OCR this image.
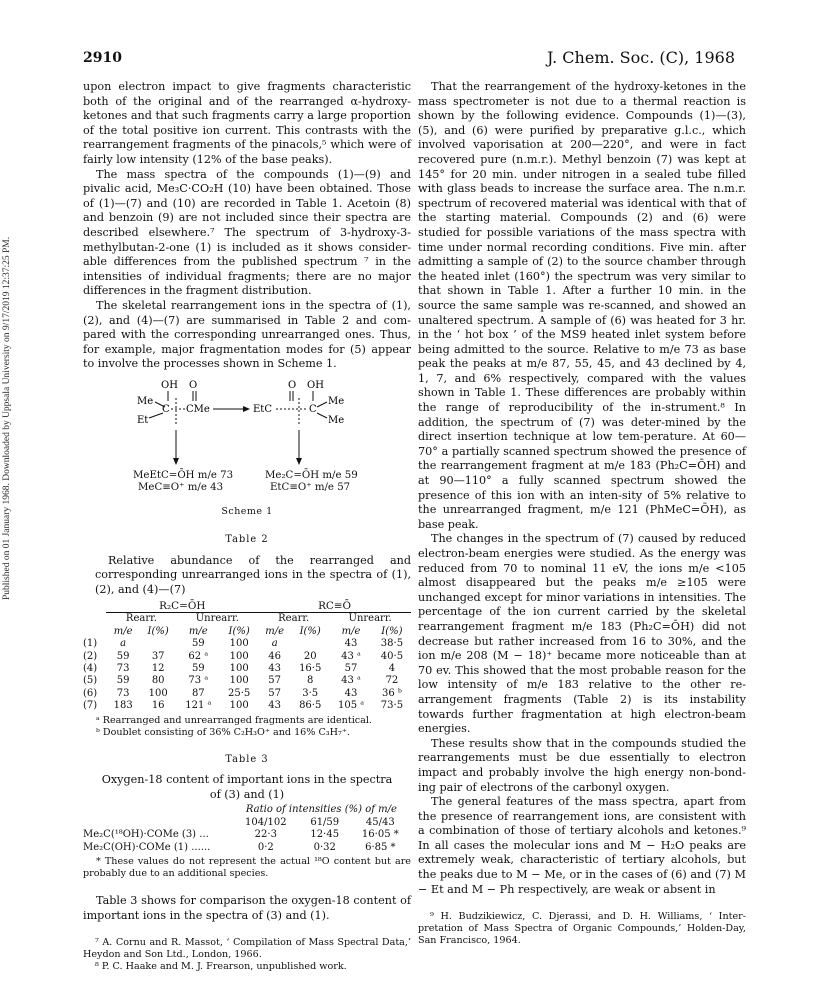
Published on 01 January 1968. Downloaded by Uppsala University on 9/17/2019 12:37:25 PM.
2910	J. Chem. Soc. (C), 1968

upon electron impact to give fragments characteristic both of the original and of the rearranged α-hydroxy-ketones and that such fragments carry a large proportion of the total positive ion current. This contrasts with the rearrangement fragments of the pinacols,⁵ which were of fairly low intensity (12% of the base peaks).

The mass spectra of the compounds (1)—(9) and pivalic acid, Me₃C·CO₂H (10) have been obtained. Those of (1)—(7) and (10) are recorded in Table 1. Acetoin (8) and benzoin (9) are not included since their spectra are described elsewhere.⁷ The spectrum of 3-hydroxy-3-methylbutan-2-one (1) is included as it shows consider-able differences from the published spectrum ⁷ in the intensities of individual fragments; there are no major differences in the fragment distribution.

The skeletal rearrangement ions in the spectra of (1), (2), and (4)—(7) are summarised in Table 2 and com-pared with the corresponding unrearranged ones. Thus, for example, major fragmentation modes for (5) appear to involve the processes shown in Scheme 1.

OH O
Me
C CMe
Et
O OH
EtC	C
Me
Me
MeEtC=ŌH m/e 73
MeC≡O⁺ m/e 43
Me₂C=ŌH m/e 59
EtC≡O⁺ m/e 57
Scheme 1
Table 2

Relative abundance of the rearranged and corresponding unrearranged ions in the spectra of (1), (2), and (4)—(7)

	R₂C=ŌH				RC≡Ō			
	Rearr.		Unrearr.		Rearr.		Unrearr.	
	m/e	I(%)	m/e	I(%)	m/e	I(%)	m/e	I(%)
(1)	a		59	100	a		43	38·5
(2)	59	37	62 ᵃ	100	46	20	43 ᵃ	40·5
(4)	73	12	59	100	43	16·5	57	4
(5)	59	80	73 ᵃ	100	57	8	43 ᵃ	72
(6)	73	100	87	25·5	57	3·5	43	36 ᵇ
(7)	183	16	121 ᵃ	100	43	86·5	105 ᵃ	73·5

ᵃ Rearranged and unrearranged fragments are identical.

ᵇ Doublet consisting of 36% C₂H₃O⁺ and 16% C₃H₇⁺.

Table 3

Oxygen-18 content of important ions in the spectra of (3) and (1)

	Ratio of intensities (%) of m/e		
	104/102	61/59	45/43
Me₂C(¹⁸OH)·COMe (3) ...	22·3	12·45	16·05 *
Me₂C(OH)·COMe (1) ......	0·2	0·32	6·85 *

* These values do not represent the actual ¹⁸O content but are probably due to an additional species.

Table 3 shows for comparison the oxygen-18 content of important ions in the spectra of (3) and (1).

⁷ A. Cornu and R. Massot, ‘ Compilation of Mass Spectral Data,’ Heydon and Son Ltd., London, 1966.

⁸ P. C. Haake and M. J. Frearson, unpublished work.

That the rearrangement of the hydroxy-ketones in the mass spectrometer is not due to a thermal reaction is shown by the following evidence. Compounds (1)—(3), (5), and (6) were purified by preparative g.l.c., which involved vaporisation at 200—220°, and were in fact recovered pure (n.m.r.). Methyl benzoin (7) was kept at 145° for 20 min. under nitrogen in a sealed tube filled with glass beads to increase the surface area. The n.m.r. spectrum of recovered material was identical with that of the starting material. Compounds (2) and (6) were studied for possible variations of the mass spectra with time under normal recording conditions. Five min. after admitting a sample of (2) to the source chamber through the heated inlet (160°) the spectrum was very similar to that shown in Table 1. After a further 10 min. in the source the same sample was re-scanned, and showed an unaltered spectrum. A sample of (6) was heated for 3 hr. in the ‘ hot box ’ of the MS9 heated inlet system before being admitted to the source. Relative to m/e 73 as base peak the peaks at m/e 87, 55, 45, and 43 declined by 4, 1, 7, and 6% respectively, compared with the values shown in Table 1. These differences are probably within the range of reproducibility of the in-strument.⁸ In addition, the spectrum of (7) was deter-mined by the direct insertion technique at low tem-perature. At 60—70° a partially scanned spectrum showed the presence of the rearrangement fragment at m/e 183 (Ph₂C=ŌH) and at 90—110° a fully scanned spectrum showed the presence of this ion with an inten-sity of 5% relative to the unrearranged fragment, m/e 121 (PhMeC=ŌH), as base peak.

The changes in the spectrum of (7) caused by reduced electron-beam energies were studied. As the energy was reduced from 70 to nominal 11 eV, the ions m/e <105 almost disappeared but the peaks m/e ≥105 were unchanged except for minor variations in intensities. The percentage of the ion current carried by the skeletal rearrangement fragment m/e 183 (Ph₂C=ŌH) did not decrease but rather increased from 16 to 30%, and the ion m/e 208 (M − 18)⁺ became more noticeable than at 70 ev. This showed that the most probable reason for the low intensity of m/e 183 relative to the other re-arrangement fragments (Table 2) is its instability towards further fragmentation at high electron-beam energies.

These results show that in the compounds studied the rearrangements must be due essentially to electron impact and probably involve the high energy non-bond-ing pair of electrons of the carbonyl oxygen.

The general features of the mass spectra, apart from the presence of rearrangement ions, are consistent with a combination of those of tertiary alcohols and ketones.⁹ In all cases the molecular ions and M − H₂O peaks are extremely weak, characteristic of tertiary alcohols, but the peaks due to M − Me, or in the cases of (6) and (7) M − Et and M − Ph respectively, are weak or absent in

⁹ H. Budzikiewicz, C. Djerassi, and D. H. Williams, ‘ Inter-pretation of Mass Spectra of Organic Compounds,’ Holden-Day, San Francisco, 1964.
